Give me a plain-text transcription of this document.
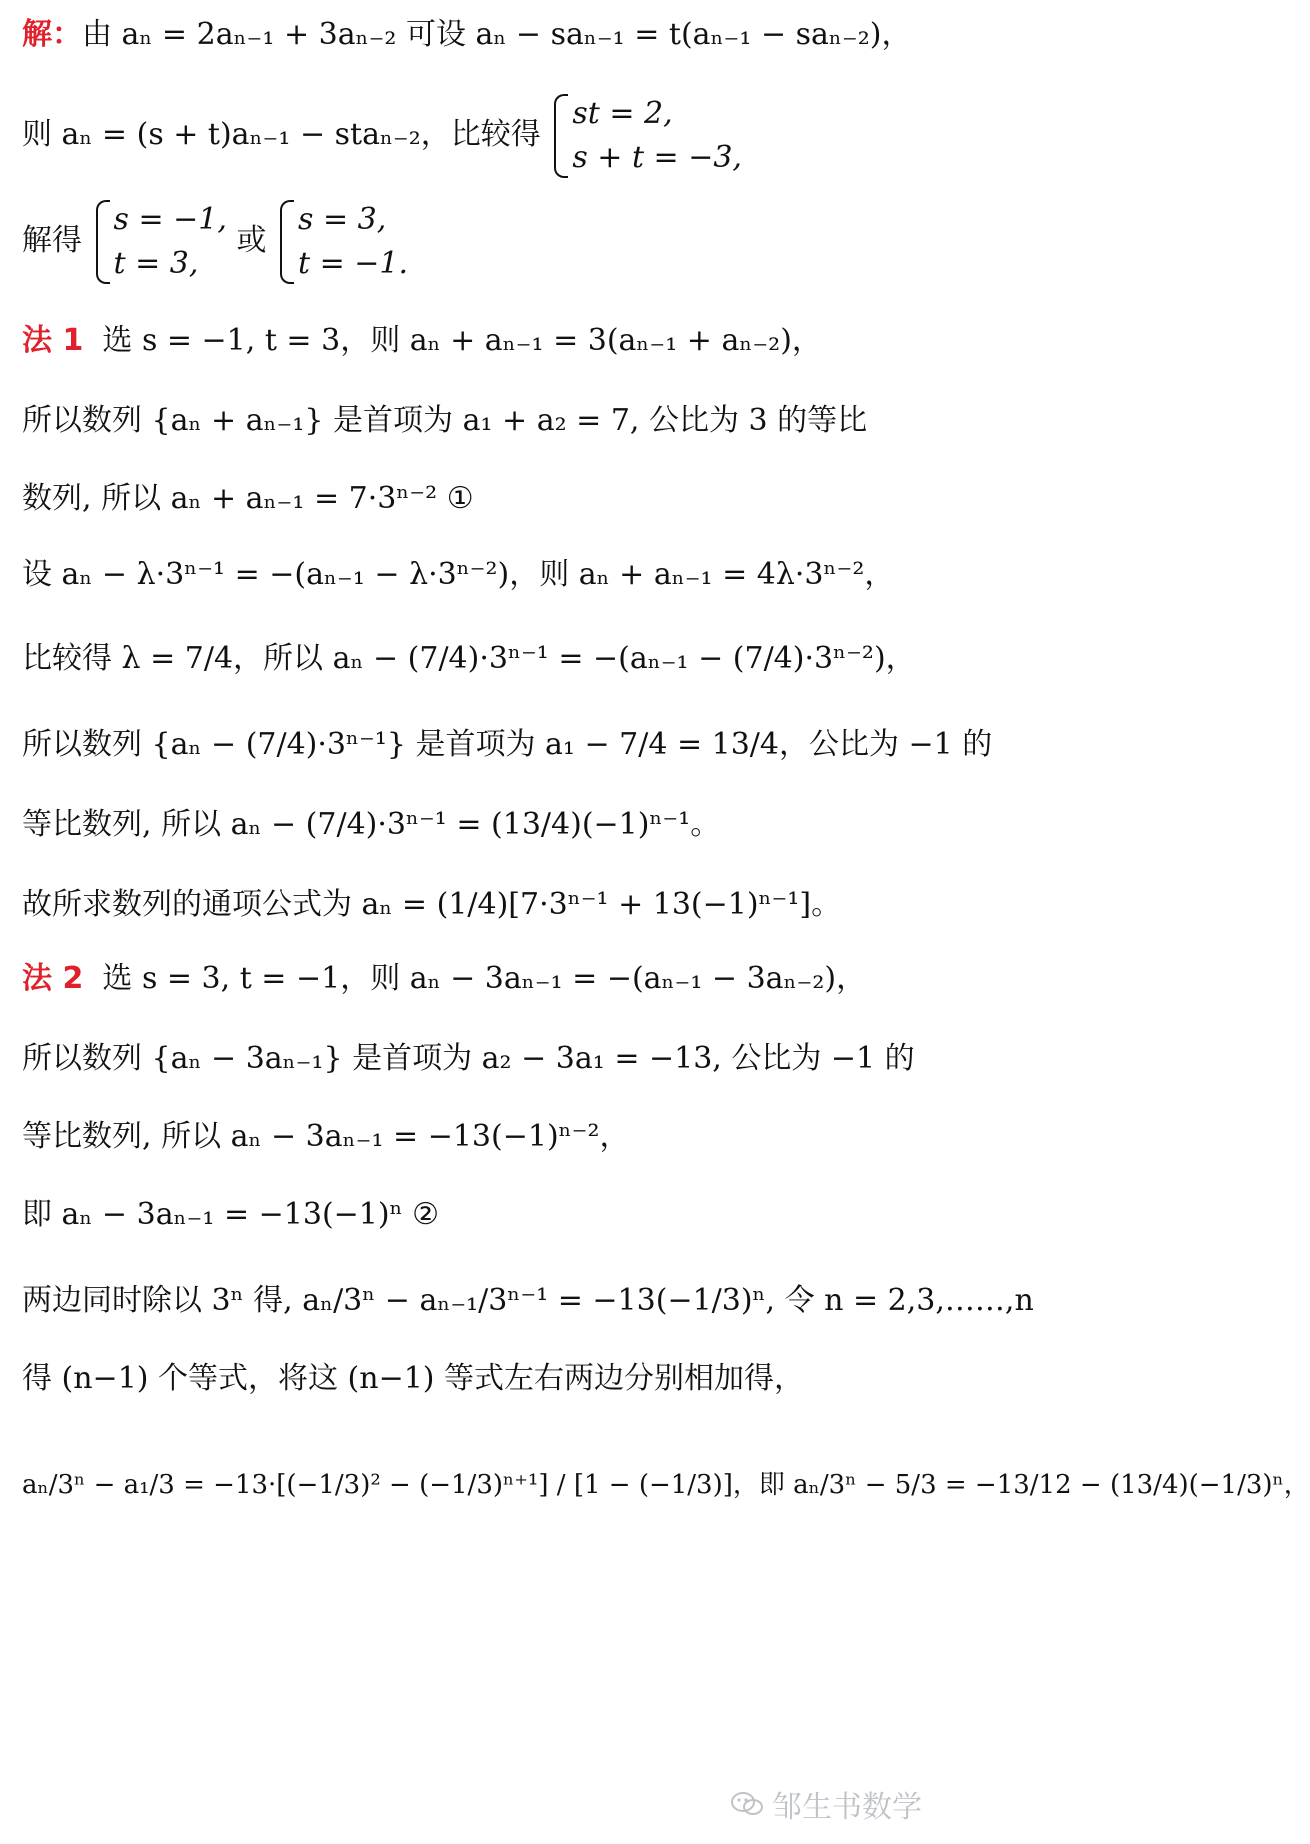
解：由 aₙ = 2aₙ₋₁ + 3aₙ₋₂ 可设 aₙ − saₙ₋₁ = t(aₙ₋₁ − saₙ₋₂)，
则 aₙ = (s + t)aₙ₋₁ − staₙ₋₂，比较得
st = 2,
s + t = −3,
解得
s = −1,
t = 3,
或
s = 3,
t = −1.
法 1 选 s = −1, t = 3，则 aₙ + aₙ₋₁ = 3(aₙ₋₁ + aₙ₋₂)，
所以数列 {aₙ + aₙ₋₁} 是首项为 a₁ + a₂ = 7, 公比为 3 的等比
数列, 所以 aₙ + aₙ₋₁ = 7·3ⁿ⁻² ①
设 aₙ − λ·3ⁿ⁻¹ = −(aₙ₋₁ − λ·3ⁿ⁻²)，则 aₙ + aₙ₋₁ = 4λ·3ⁿ⁻²，
比较得 λ = 7/4，所以 aₙ − (7/4)·3ⁿ⁻¹ = −(aₙ₋₁ − (7/4)·3ⁿ⁻²)，
所以数列 {aₙ − (7/4)·3ⁿ⁻¹} 是首项为 a₁ − 7/4 = 13/4，公比为 −1 的
等比数列, 所以 aₙ − (7/4)·3ⁿ⁻¹ = (13/4)(−1)ⁿ⁻¹。
故所求数列的通项公式为 aₙ = (1/4)[7·3ⁿ⁻¹ + 13(−1)ⁿ⁻¹]。
法 2 选 s = 3, t = −1，则 aₙ − 3aₙ₋₁ = −(aₙ₋₁ − 3aₙ₋₂)，
所以数列 {aₙ − 3aₙ₋₁} 是首项为 a₂ − 3a₁ = −13, 公比为 −1 的
等比数列, 所以 aₙ − 3aₙ₋₁ = −13(−1)ⁿ⁻²，
即 aₙ − 3aₙ₋₁ = −13(−1)ⁿ ②
两边同时除以 3ⁿ 得, aₙ/3ⁿ − aₙ₋₁/3ⁿ⁻¹ = −13(−1/3)ⁿ, 令 n = 2,3,……,n
得 (n−1) 个等式，将这 (n−1) 等式左右两边分别相加得，
aₙ/3ⁿ − a₁/3 = −13·[(−1/3)² − (−1/3)ⁿ⁺¹] / [1 − (−1/3)]，即 aₙ/3ⁿ − 5/3 = −13/12 − (13/4)(−1/3)ⁿ，
邹生书数学
